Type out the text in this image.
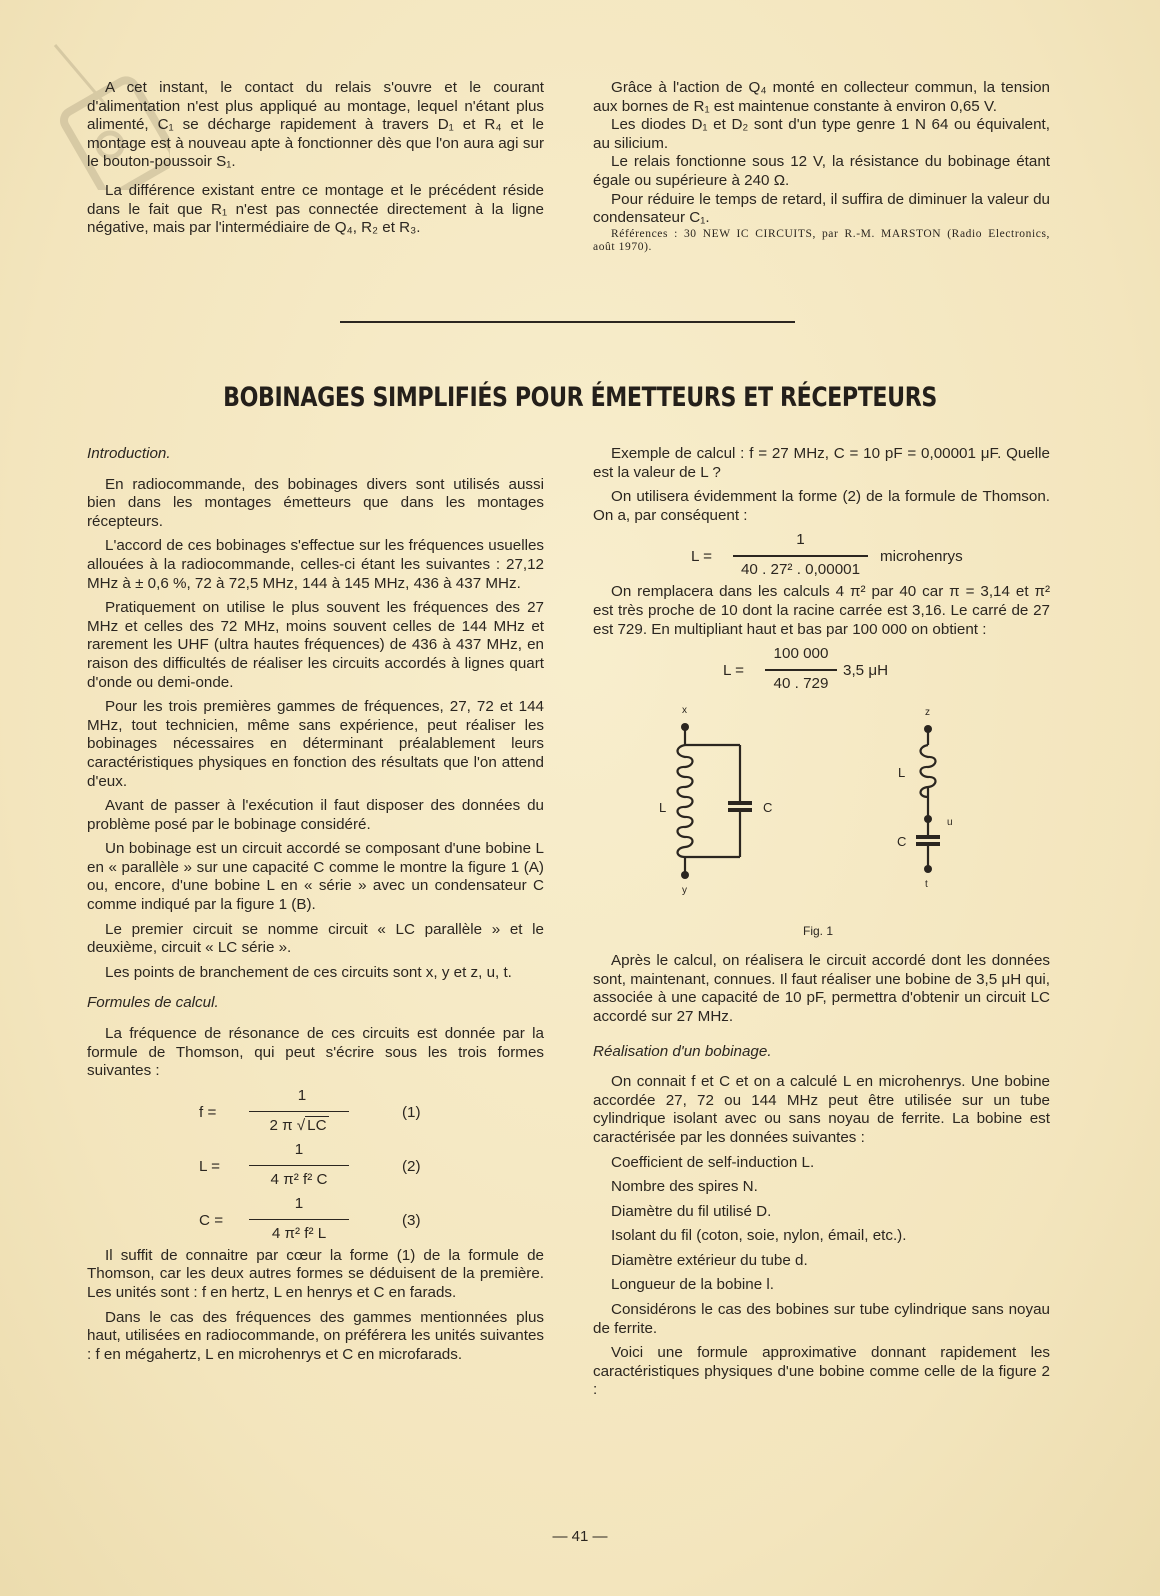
A cet instant, le contact du relais s'ouvre et le courant d'alimentation n'est plus appliqué au montage, lequel n'étant plus alimenté, C₁ se décharge rapidement à travers D₁ et R₄ et le montage est à nouveau apte à fonctionner dès que l'on aura agi sur le bouton-poussoir S₁.

La différence existant entre ce montage et le précédent réside dans le fait que R₁ n'est pas connectée directement à la ligne négative, mais par l'intermédiaire de Q₄, R₂ et R₃.

Grâce à l'action de Q₄ monté en collecteur commun, la tension aux bornes de R₁ est maintenue constante à environ 0,65 V.

Les diodes D₁ et D₂ sont d'un type genre 1 N 64 ou équivalent, au silicium.

Le relais fonctionne sous 12 V, la résistance du bobinage étant égale ou supérieure à 240 Ω.

Pour réduire le temps de retard, il suffira de diminuer la valeur du condensateur C₁.

Références : 30 NEW IC CIRCUITS, par R.-M. MARSTON (Radio Electronics, août 1970).

BOBINAGES SIMPLIFIÉS POUR ÉMETTEURS ET RÉCEPTEURS

Introduction.

En radiocommande, des bobinages divers sont utilisés aussi bien dans les montages émetteurs que dans les montages récepteurs.

L'accord de ces bobinages s'effectue sur les fréquences usuelles allouées à la radiocommande, celles-ci étant les suivantes : 27,12 MHz à ± 0,6 %, 72 à 72,5 MHz, 144 à 145 MHz, 436 à 437 MHz.

Pratiquement on utilise le plus souvent les fréquences des 27 MHz et celles des 72 MHz, moins souvent celles de 144 MHz et rarement les UHF (ultra hautes fréquences) de 436 à 437 MHz, en raison des difficultés de réaliser les circuits accordés à lignes quart d'onde ou demi-onde.

Pour les trois premières gammes de fréquences, 27, 72 et 144 MHz, tout technicien, même sans expérience, peut réaliser les bobinages nécessaires en déterminant préalablement leurs caractéristiques physiques en fonction des résultats que l'on attend d'eux.

Avant de passer à l'exécution il faut disposer des données du problème posé par le bobinage considéré.

Un bobinage est un circuit accordé se composant d'une bobine L en « parallèle » sur une capacité C comme le montre la figure 1 (A) ou, encore, d'une bobine L en « série » avec un condensateur C comme indiqué par la figure 1 (B).

Le premier circuit se nomme circuit « LC parallèle » et le deuxième, circuit « LC série ».

Les points de branchement de ces circuits sont x, y et z, u, t.

Formules de calcul.

La fréquence de résonance de ces circuits est donnée par la formule de Thomson, qui peut s'écrire sous les trois formes suivantes :

f =
1
2 π √ LC
(1)
L =
1
4 π² f² C
(2)
C =
1
4 π² f² L
(3)

Il suffit de connaitre par cœur la forme (1) de la formule de Thomson, car les deux autres formes se déduisent de la première. Les unités sont : f en hertz, L en henrys et C en farads.

Dans le cas des fréquences des gammes mentionnées plus haut, utilisées en radiocommande, on préférera les unités suivantes : f en mégahertz, L en microhenrys et C en microfarads.

Exemple de calcul : f = 27 MHz, C = 10 pF = 0,00001 μF. Quelle est la valeur de L ?

On utilisera évidemment la forme (2) de la formule de Thomson. On a, par conséquent :

L =
1
40 . 27² . 0,00001
microhenrys

On remplacera dans les calculs 4 π² par 40 car π = 3,14 et π² est très proche de 10 dont la racine carrée est 3,16. Le carré de 27 est 729. En multipliant haut et bas par 100 000 on obtient :

L =
100 000
40 . 729
3,5 μH
x
y
L	C
z
u
t
L
C
Fig. 1

Après le calcul, on réalisera le circuit accordé dont les données sont, maintenant, connues. Il faut réaliser une bobine de 3,5 μH qui, associée à une capacité de 10 pF, permettra d'obtenir un circuit LC accordé sur 27 MHz.

Réalisation d'un bobinage.

On connait f et C et on a calculé L en microhenrys. Une bobine accordée 27, 72 ou 144 MHz peut être utilisée sur un tube cylindrique isolant avec ou sans noyau de ferrite. La bobine est caractérisée par les données suivantes :

Coefficient de self-induction L.

Nombre des spires N.

Diamètre du fil utilisé D.

Isolant du fil (coton, soie, nylon, émail, etc.).

Diamètre extérieur du tube d.

Longueur de la bobine l.

Considérons le cas des bobines sur tube cylindrique sans noyau de ferrite.

Voici une formule approximative donnant rapidement les caractéristiques physiques d'une bobine comme celle de la figure 2 :

— 41 —
